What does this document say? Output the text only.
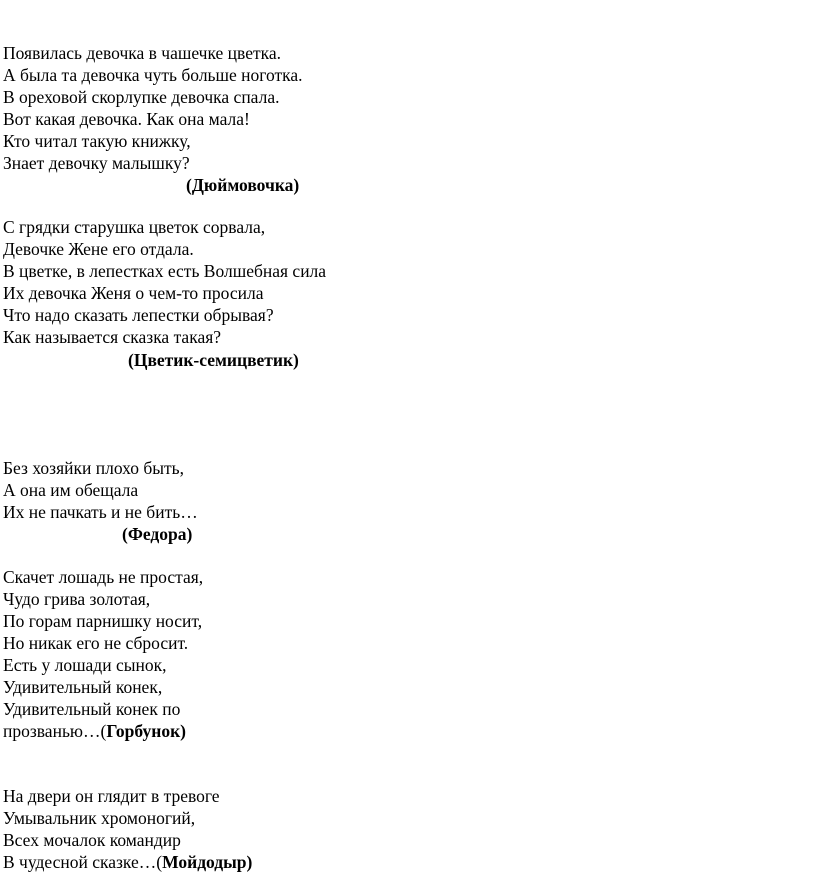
Появилась девочка в чашечке цветка.
А была та девочка чуть больше ноготка.
В ореховой скорлупке девочка спала.
Вот какая девочка. Как она мала!
Кто читал такую книжку,
Знает девочку малышку?
(Дюймовочка)
С грядки старушка цветок сорвала,
Девочке Жене его отдала.
В цветке, в лепестках есть Волшебная сила
Их девочка Женя о чем-то просила
Что надо сказать лепестки обрывая?
Как называется сказка такая?
(Цветик-семицветик)
Без хозяйки плохо быть,
А она им обещала
Их не пачкать и не бить…
(Федора)
Скачет лошадь не простая,
Чудо грива золотая,
По горам парнишку носит,
Но никак его не сбросит.
Есть у лошади сынок,
Удивительный конек,
Удивительный конек по
прозванью…(Горбунок)
На двери он глядит в тревоге
Умывальник хромоногий,
Всех мочалок командир
В чудесной сказке…(Мойдодыр)
